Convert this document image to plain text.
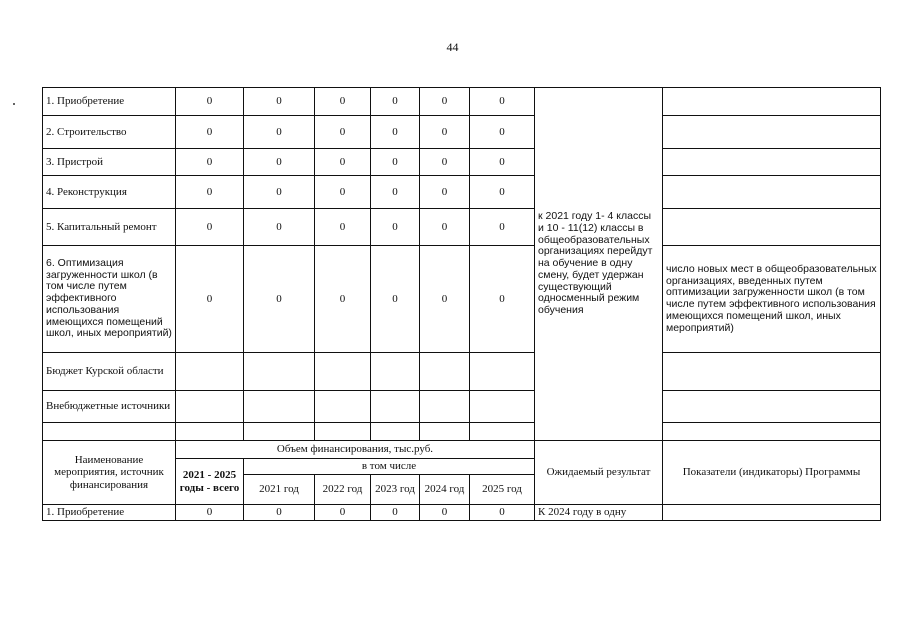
44
1. Приобретение	0	0	0	0	0	0	к 2021 году 1- 4 классы и 10 - 11(12) классы в общеобразовательных организациях перейдут на обучение в одну смену, будет удержан существующий односменный режим обучения	
2. Строительство	0	0	0	0	0	0		
3. Пристрой	0	0	0	0	0	0		
4. Реконструкция	0	0	0	0	0	0		
5. Капитальный ремонт	0	0	0	0	0	0		
6. Оптимизация загруженности школ (в том числе путем эффективного использования имеющихся помещений школ, иных мероприятий)	0	0	0	0	0	0		число новых мест в общеобразовательных организациях, введенных путем оптимизации загруженности школ (в том числе путем эффективного использования имеющихся помещений школ, иных мероприятий)
Бюджет Курской области								
Внебюджетные источники								

Наименование мероприятия, источник финансирования	Объем финансирования, тыс.руб.						Ожидаемый результат	Показатели (индикаторы) Программы
	2021 - 2025 годы - всего	в том числе						
		2021 год	2022 год	2023 год	2024 год	2025 год		
1. Приобретение	0	0	0	0	0	0	К 2024 году в одну	
